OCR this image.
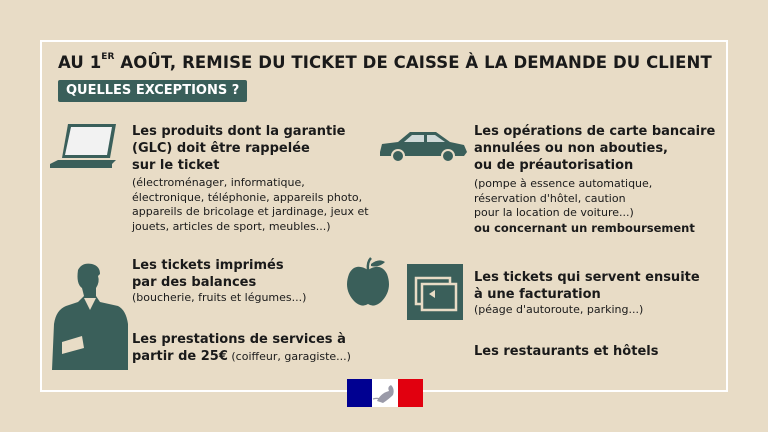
AU 1ER AOÛT, REMISE DU TICKET DE CAISSE À LA DEMANDE DU CLIENT
QUELLES EXCEPTIONS ?
Les produits dont la garantie
(GLC) doit être rappelée
sur le ticket
(électroménager, informatique,
électronique, téléphonie, appareils photo,
appareils de bricolage et jardinage, jeux et
jouets, articles de sport, meubles...)
Les tickets imprimés
par des balances
(boucherie, fruits et légumes...)
Les prestations de services à
partir de 25€ (coiffeur, garagiste...)
Les opérations de carte bancaire
annulées ou non abouties,
ou de préautorisation
(pompe à essence automatique,
réservation d'hôtel, caution
pour la location de voiture...)
ou concernant un remboursement
Les tickets qui servent ensuite
à une facturation
(péage d'autoroute, parking...)
Les restaurants et hôtels
